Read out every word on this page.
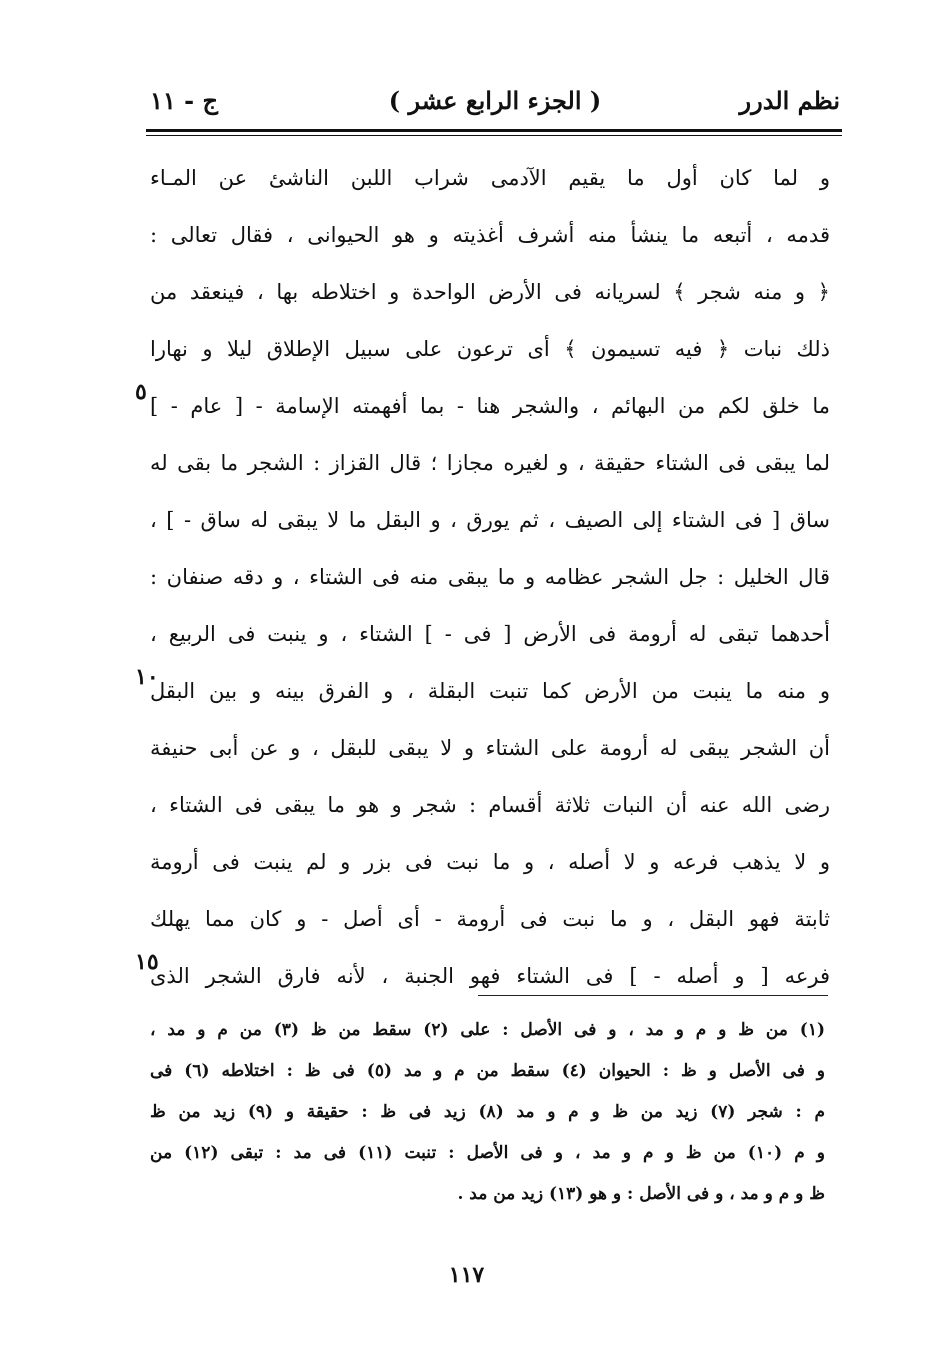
نظم الدرر
( الجزء الرابع عشر )
ج - ١١
و لما كان أول ما يقيم الآدمى شراب اللبن الناشئ عن المـاء
قدمه ، أتبعه ما ينشأ منه أشرف أغذيته و هو الحيوانى ، فقال تعالى :
﴿ و منه شجر ﴾ لسريانه فى الأرض الواحدة و اختلاطه بها ، فينعقد من
ذلك نبات ﴿ فيه تسيمون ﴾ أى ترعون على سبيل الإطلاق ليلا و نهارا
ما خلق لكم من البهائم ، والشجر هنا - بما أفهمته الإسامة - [ عام - ]
لما يبقى فى الشتاء حقيقة ، و لغيره مجازا ؛ قال القزاز : الشجر ما بقى له
ساق [ فى الشتاء إلى الصيف ، ثم يورق ، و البقل ما لا يبقى له ساق - ] ،
قال الخليل : جل الشجر عظامه و ما يبقى منه فى الشتاء ، و دقه صنفان :
أحدهما تبقى له أرومة فى الأرض [ فى - ] الشتاء ، و ينبت فى الربيع ،
و منه ما ينبت من الأرض كما تنبت البقلة ، و الفرق بينه و بين البقل
أن الشجر يبقى له أرومة على الشتاء و لا يبقى للبقل ، و عن أبى حنيفة
رضى الله عنه أن النبات ثلاثة أقسام : شجر و هو ما يبقى فى الشتاء ،
و لا يذهب فرعه و لا أصله ، و ما نبت فى بزر و لم ينبت فى أرومة
ثابتة فهو البقل ، و ما نبت فى أرومة - أى أصل - و كان مما يهلك
فرعه [ و أصله - ] فى الشتاء فهو الجنبة ، لأنه فارق الشجر الذى
٥
١٠
١٥
(١) من ظ و م و مد ، و فى الأصل : على (٢) سقط من ظ (٣) من م و مد ،
و فى الأصل و ظ : الحيوان (٤) سقط من م و مد (٥) فى ظ : اختلاطه (٦) فى
م : شجر (٧) زيد من ظ و م و مد (٨) زيد فى ظ : حقيقة و (٩) زيد من ظ
و م (١٠) من ظ و م و مد ، و فى الأصل : تنبت (١١) فى مد : تبقى (١٢) من
ظ و م و مد ، و فى الأصل : و هو (١٣) زيد من مد .
١١٧
